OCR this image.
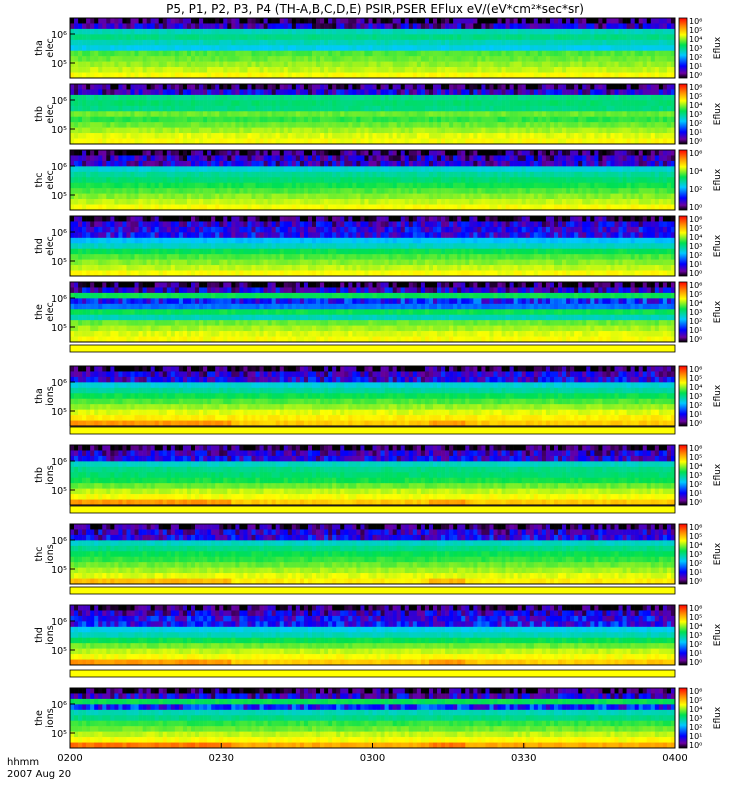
P5, P1, P2, P3, P4 (TH-A,B,C,D,E) PSIR,PSER EFlux eV/(eV*cm²*sec*sr)
10⁶
10⁵
tha elec
10⁶
10⁵
10⁴
10³
10²
10¹
10⁰
Eflux
10⁶
10⁵
thb elec
10⁶
10⁵
10⁴
10³
10²
10¹
10⁰
Eflux
10⁶
10⁵
thc elec
10⁶
10⁴
10²
10⁰
Eflux
10⁶
10⁵
thd elec
10⁶
10⁵
10⁴
10³
10²
10¹
10⁰
Eflux
10⁶
10⁵
the elec
10⁶
10⁵
10⁴
10³
10²
10¹
10⁰
Eflux
10⁶
10⁵
tha ions
10⁶
10⁵
10⁴
10³
10²
10¹
10⁰
Eflux
10⁶
10⁵
thb ions
10⁶
10⁵
10⁴
10³
10²
10¹
10⁰
Eflux
10⁶
10⁵
thc ions
10⁶
10⁵
10⁴
10³
10²
10¹
10⁰
Eflux
10⁶
10⁵
thd ions
10⁶
10⁵
10⁴
10³
10²
10¹
10⁰
Eflux
10⁶
10⁵
the ions
10⁶
10⁵
10⁴
10³
10²
10¹
10⁰
Eflux
0200	0230	0300	0330	0400
hhmm
2007 Aug 20
